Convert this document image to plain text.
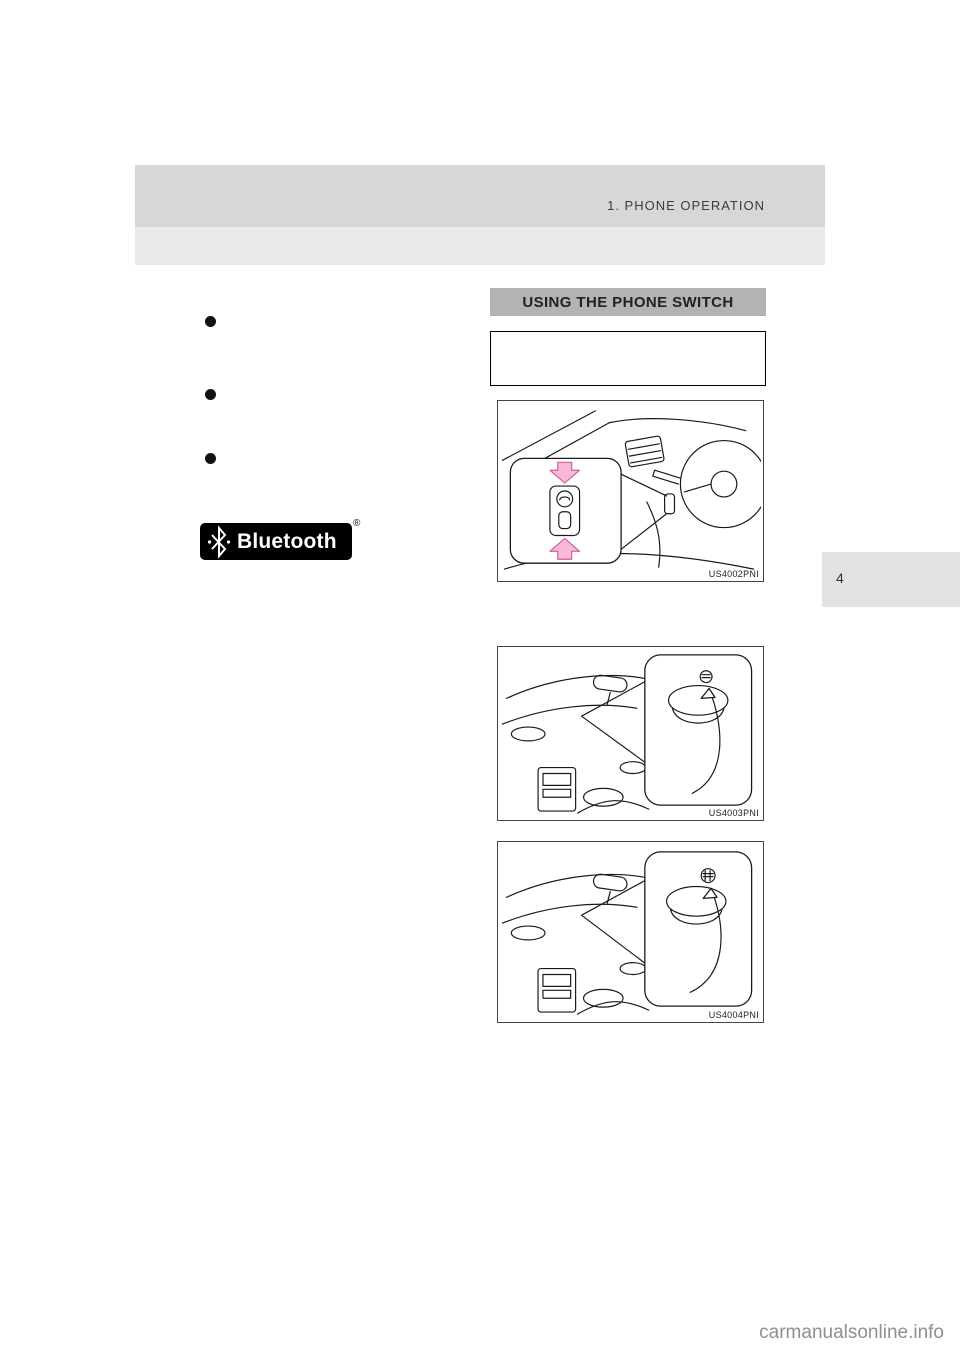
1. PHONE OPERATION
4
Bluetooth
®
USING THE PHONE SWITCH
US4002PNI
US4003PNI
US4004PNI
carmanualsonline.info
